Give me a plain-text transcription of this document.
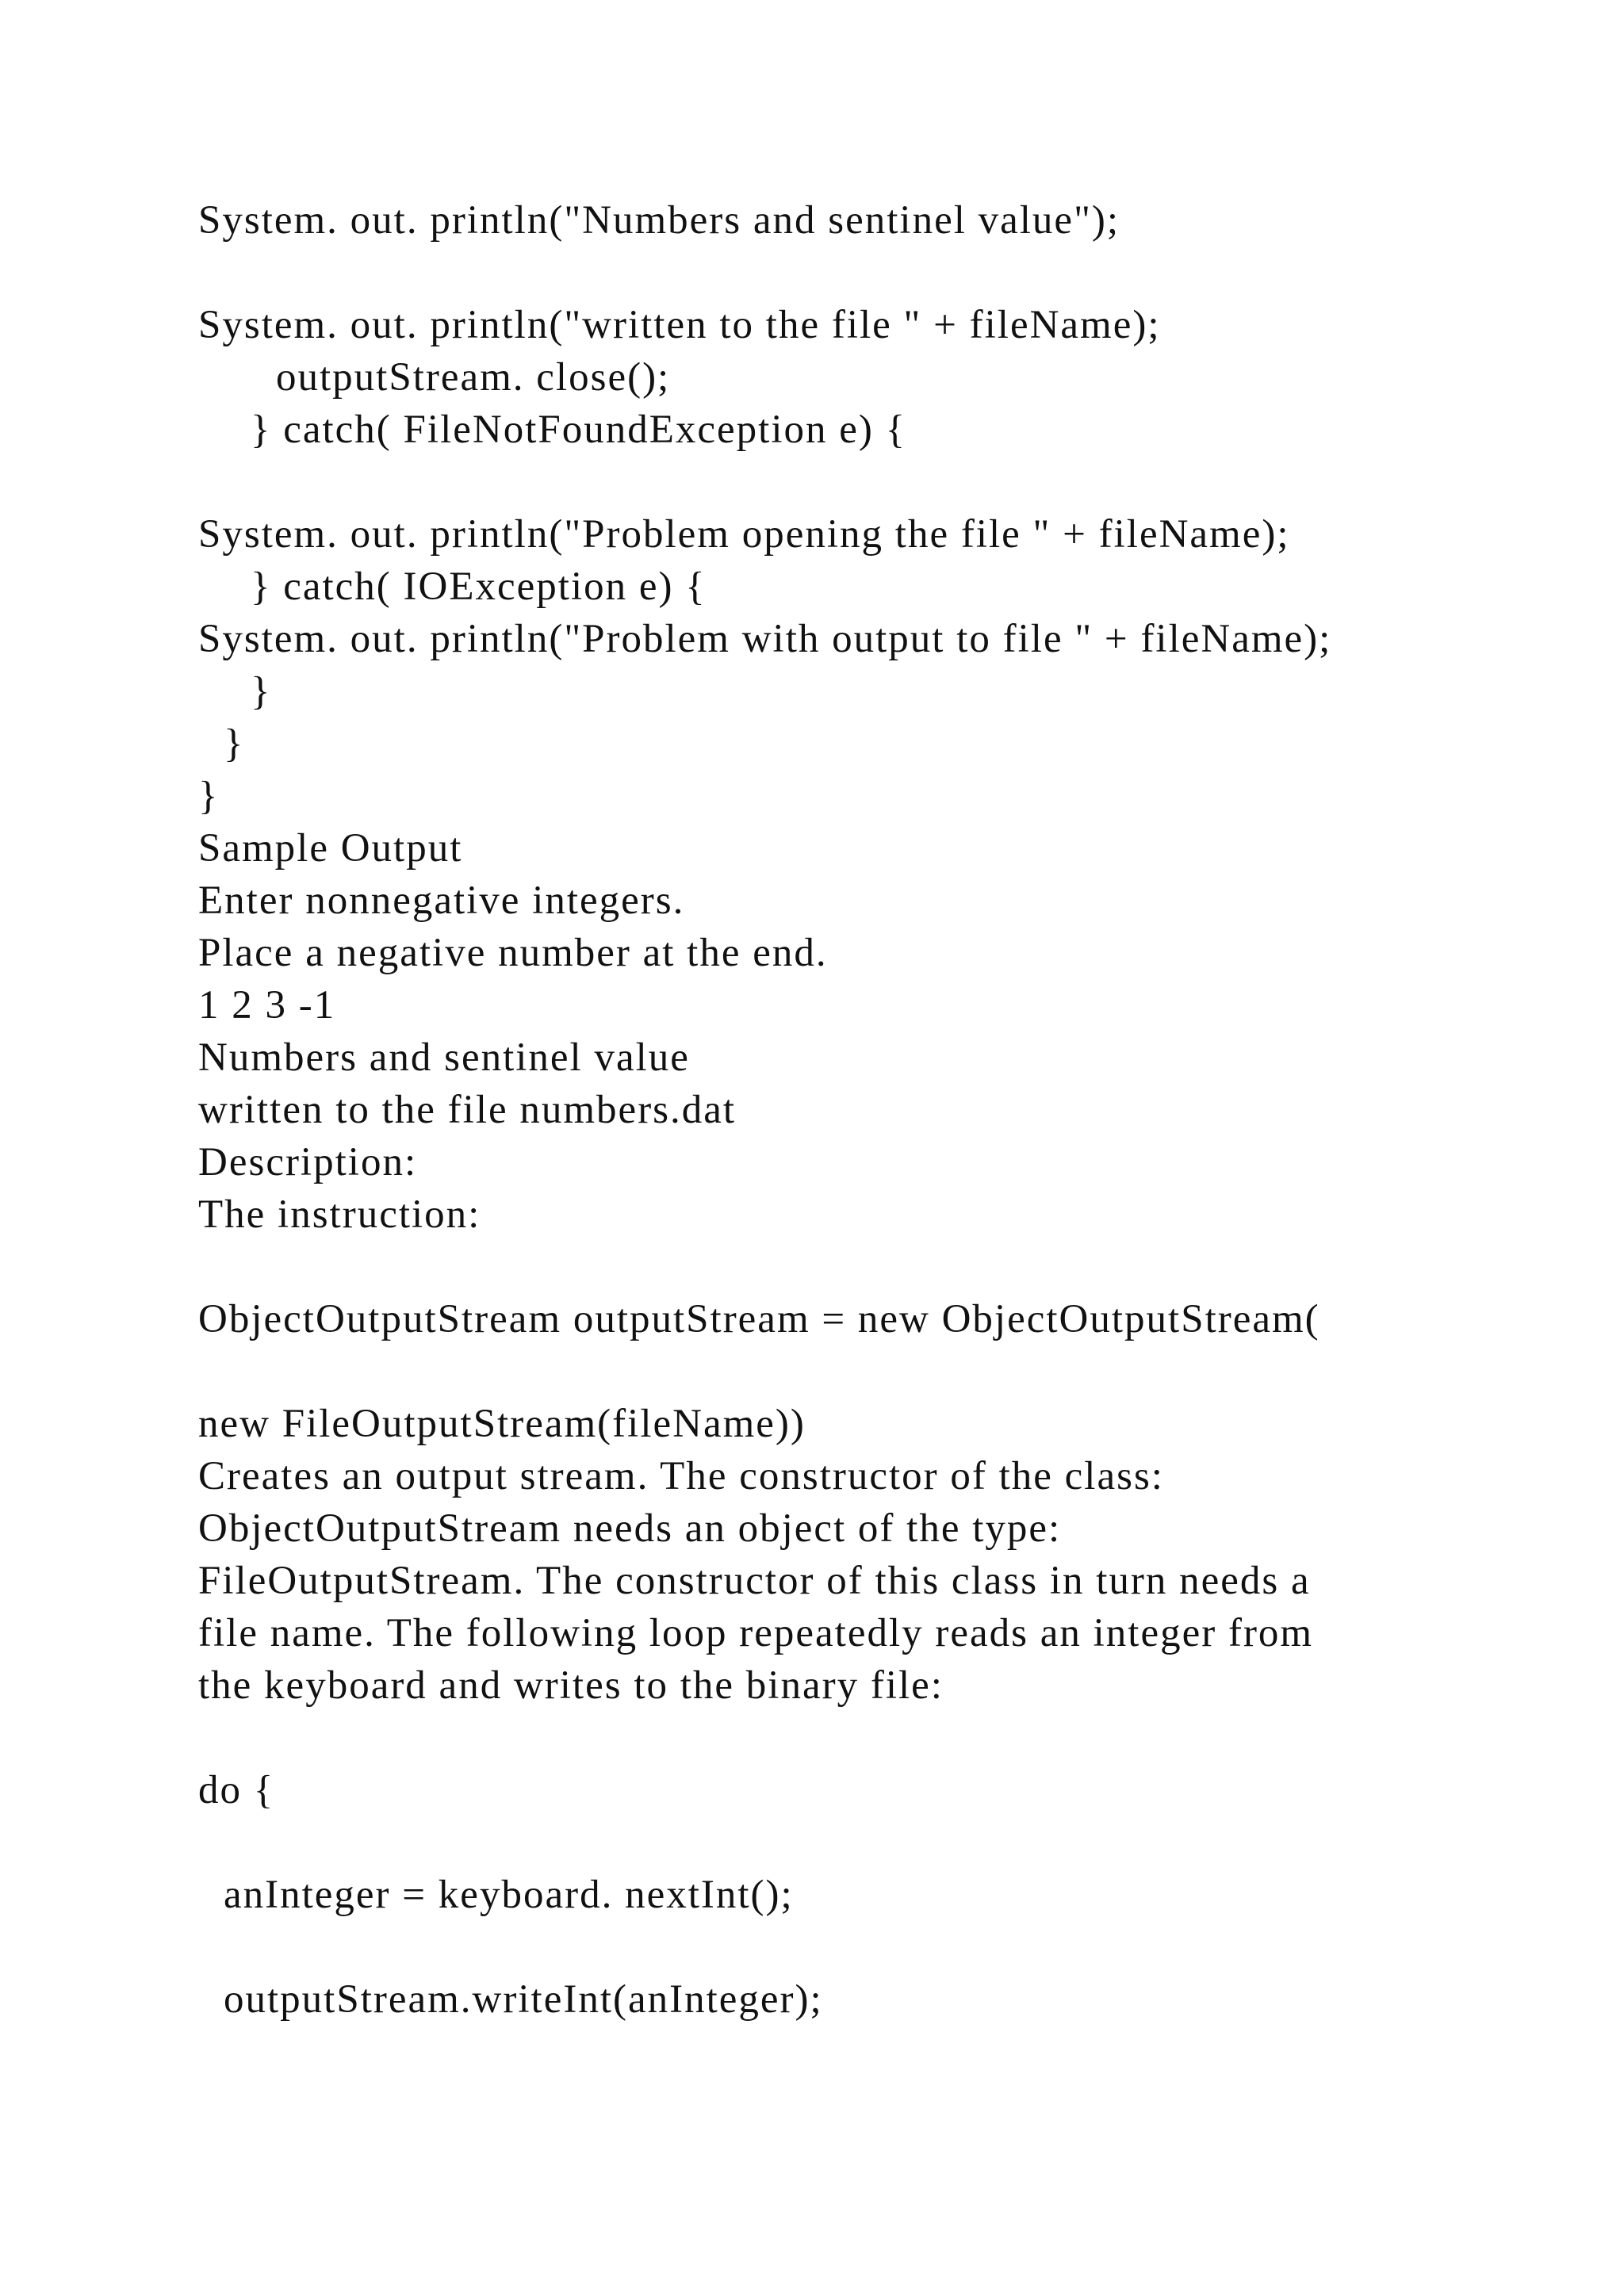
System. out. println("Numbers and sentinel value");
System. out. println("written to the file " + fileName);
outputStream. close();
} catch( FileNotFoundException e) {
System. out. println("Problem opening the file " + fileName);
} catch( IOException e) {
System. out. println("Problem with output to file " + fileName);
}
}
}
Sample Output
Enter nonnegative integers.
Place a negative number at the end.
1 2 3 -1
Numbers and sentinel value
written to the file numbers.dat
Description:
The instruction:
ObjectOutputStream outputStream = new ObjectOutputStream(
new FileOutputStream(fileName))
Creates an output stream. The constructor of the class:
ObjectOutputStream needs an object of the type:
FileOutputStream. The constructor of this class in turn needs a
file name. The following loop repeatedly reads an integer from
the keyboard and writes to the binary file:
do {
anInteger = keyboard. nextInt();
outputStream.writeInt(anInteger);
